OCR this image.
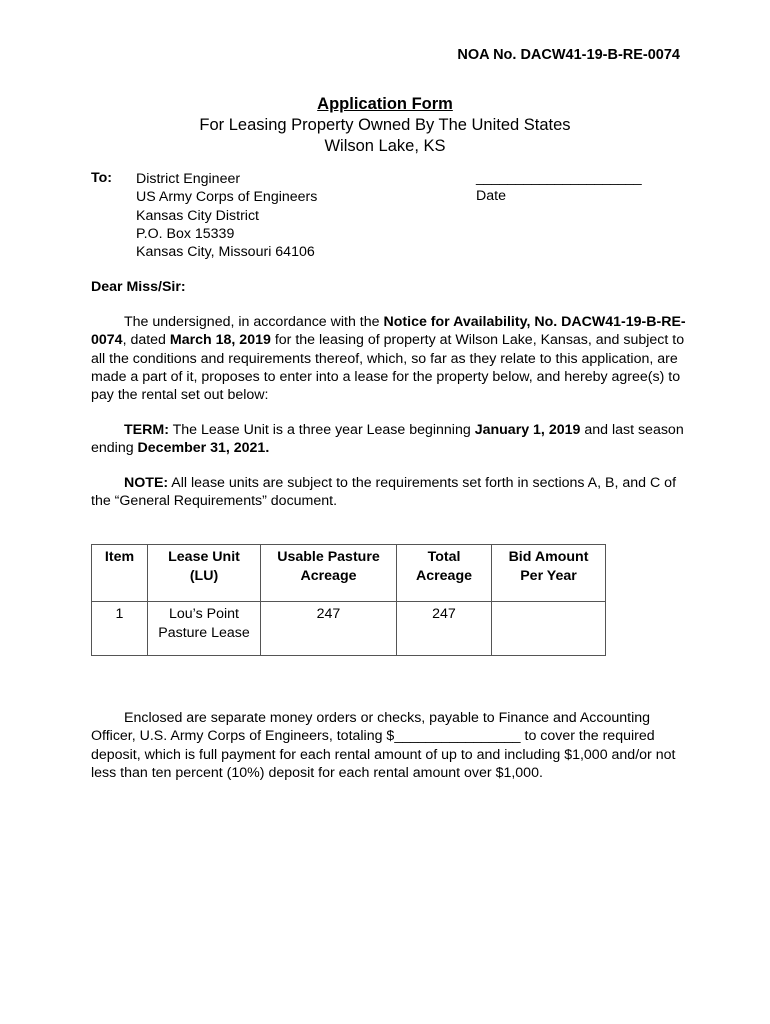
NOA No. DACW41-19-B-RE-0074
Application Form
For Leasing Property Owned By The United States
Wilson Lake, KS
To: District Engineer
US Army Corps of Engineers
Kansas City District
P.O. Box 15339
Kansas City, Missouri 64106
_____________________
Date
Dear Miss/Sir:
The undersigned, in accordance with the Notice for Availability, No. DACW41-19-B-RE-0074, dated March 18, 2019 for the leasing of property at Wilson Lake, Kansas, and subject to all the conditions and requirements thereof, which, so far as they relate to this application, are made a part of it, proposes to enter into a lease for the property below, and hereby agree(s) to pay the rental set out below:
TERM: The Lease Unit is a three year Lease beginning January 1, 2019 and last season ending December 31, 2021.
NOTE: All lease units are subject to the requirements set forth in sections A, B, and C of the “General Requirements” document.
Item	Lease Unit (LU)	Usable Pasture Acreage	Total Acreage	Bid Amount Per Year
1	Lou’s Point Pasture Lease	247	247	
Enclosed are separate money orders or checks, payable to Finance and Accounting Officer, U.S. Army Corps of Engineers, totaling $________________ to cover the required deposit, which is full payment for each rental amount of up to and including $1,000 and/or not less than ten percent (10%) deposit for each rental amount over $1,000.
